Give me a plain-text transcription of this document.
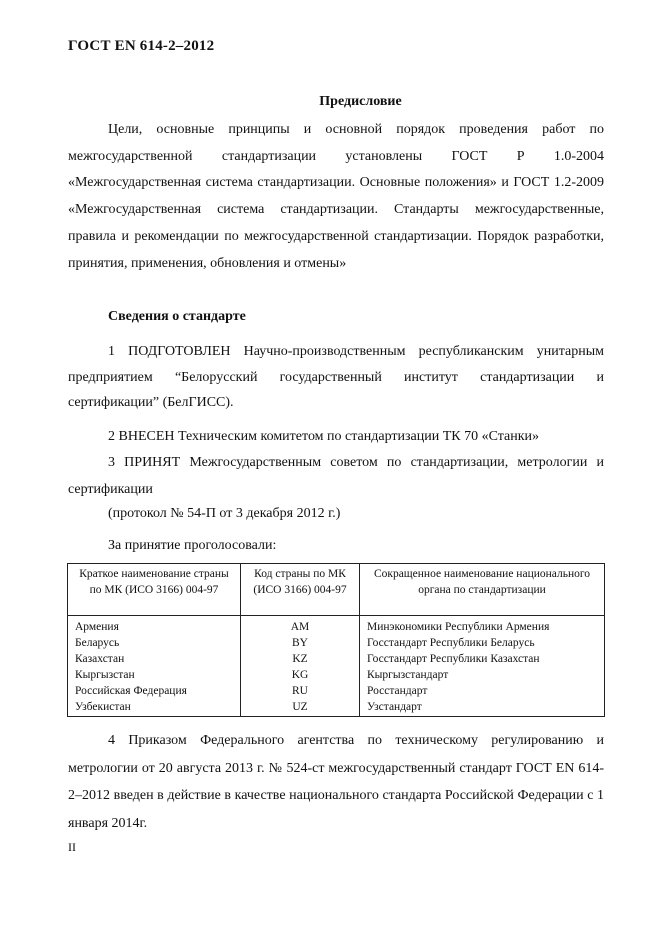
ГОСТ EN 614-2–2012
Предисловие
Цели, основные принципы и основной порядок проведения работ по межгосударственной стандартизации установлены ГОСТ Р 1.0-2004 «Межгосударственная система стандартизации. Основные положения» и ГОСТ 1.2-2009 «Межгосударственная система стандартизации. Стандарты межгосударственные, правила и рекомендации по межгосударственной стандартизации. Порядок разработки, принятия, применения, обновления и отмены»
Сведения о стандарте
1 ПОДГОТОВЛЕН Научно-производственным республиканским унитарным предприятием “Белорусский государственный институт стандартизации и сертификации” (БелГИСС).
2 ВНЕСЕН Техническим комитетом по стандартизации ТК 70 «Станки»
3 ПРИНЯТ Межгосударственным советом по стандартизации, метрологии и сертификации
(протокол № 54-П от 3 декабря 2012 г.)
За принятие проголосовали:
Краткое наименование страны по МК (ИСО 3166) 004-97	Код страны по МК (ИСО 3166) 004-97	Сокращенное наименование национального органа по стандартизации
Армения	AM	Минэкономики Республики Армения
Беларусь	BY	Госстандарт Республики Беларусь
Казахстан	KZ	Госстандарт Республики Казахстан
Кыргызстан	KG	Кыргызстандарт
Российская Федерация	RU	Росстандарт
Узбекистан	UZ	Узстандарт
4 Приказом Федерального агентства по техническому регулированию и метрологии от 20 августа 2013 г. № 524-ст межгосударственный стандарт ГОСТ EN 614-2–2012 введен в действие в качестве национального стандарта Российской Федерации с 1 января 2014г.
II
